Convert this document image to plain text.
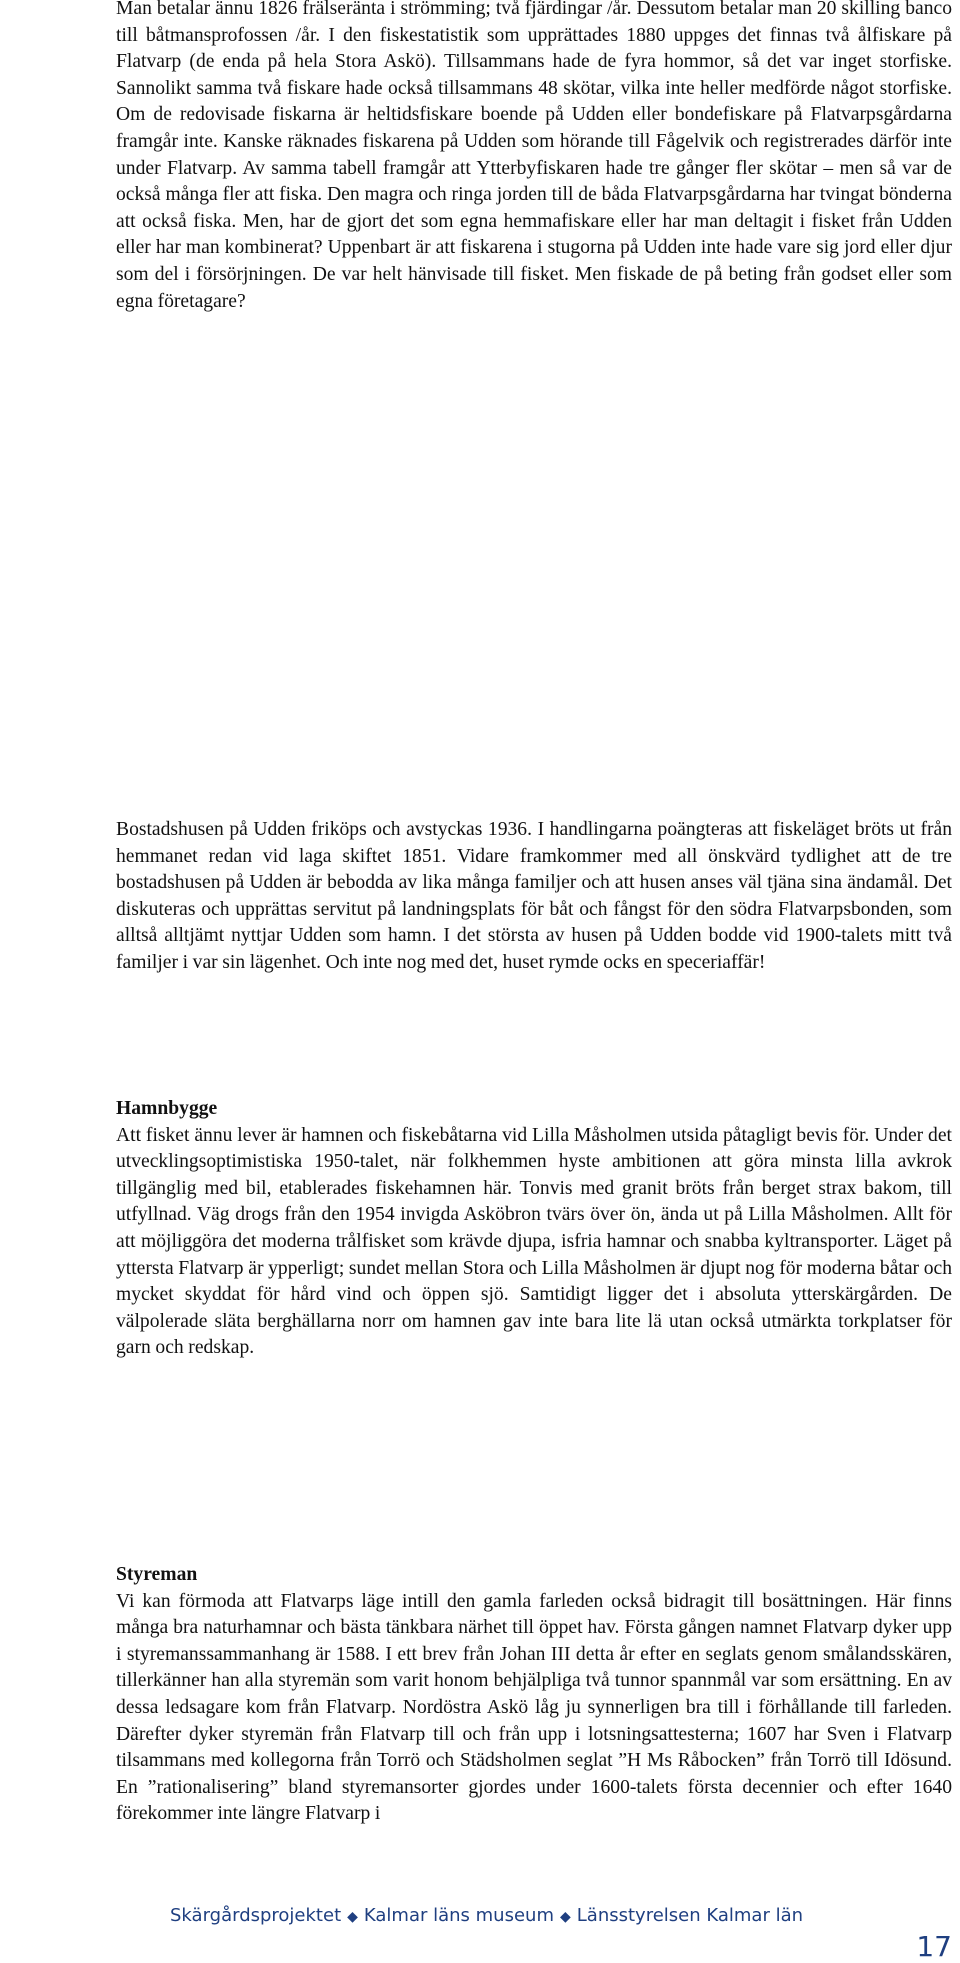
Man betalar ännu 1826 frälseränta i strömming; två fjärdingar /år. Dessutom betalar man 20 skilling banco till båtmansprofossen /år. I den fiskestatistik som upprättades 1880 uppges det finnas två ålfiskare på Flatvarp (de enda på hela Stora Askö). Tillsammans hade de fyra hommor, så det var inget storfiske. Sannolikt samma två fiskare hade också tillsammans 48 skötar, vilka inte heller medförde något storfiske. Om de redovisade fiskarna är heltidsfiskare boende på Udden eller bondefiskare på Flatvarpsgårdarna framgår inte. Kanske räknades fiskarena på Udden som hörande till Fågelvik och registrerades därför inte under Flatvarp. Av samma tabell framgår att Ytterbyfiskaren hade tre gånger fler skötar – men så var de också många fler att fiska. Den magra och ringa jorden till de båda Flatvarpsgårdarna har tvingat bönderna att också fiska. Men, har de gjort det som egna hemmafiskare eller har man deltagit i fisket från Udden eller har man kombinerat? Uppenbart är att fiskarena i stugorna på Udden inte hade vare sig jord eller djur som del i försörjningen. De var helt hänvisade till fisket. Men fiskade de på beting från godset eller som egna företagare?
Bostadshusen på Udden friköps och avstyckas 1936. I handlingarna poängteras att fiskeläget bröts ut från hemmanet redan vid laga skiftet 1851. Vidare framkommer med all önskvärd tydlighet att de tre bostadshusen på Udden är bebodda av lika många familjer och att husen anses väl tjäna sina ändamål. Det diskuteras och upprättas servitut på landningsplats för båt och fångst för den södra Flatvarpsbonden, som alltså alltjämt nyttjar Udden som hamn. I det största av husen på Udden bodde vid 1900-talets mitt två familjer i var sin lägenhet. Och inte nog med det, huset rymde ocks en speceriaffär!
Hamnbygge
Att fisket ännu lever är hamnen och fiskebåtarna vid Lilla Måsholmen utsida påtagligt bevis för. Under det utvecklingsoptimistiska 1950-talet, när folkhemmen hyste ambitionen att göra minsta lilla avkrok tillgänglig med bil, etablerades fiskehamnen här. Tonvis med granit bröts från berget strax bakom, till utfyllnad. Väg drogs från den 1954 invigda Asköbron tvärs över ön, ända ut på Lilla Måsholmen. Allt för att möjliggöra det moderna trålfisket som krävde djupa, isfria hamnar och snabba kyltransporter. Läget på yttersta Flatvarp är ypperligt; sundet mellan Stora och Lilla Måsholmen är djupt nog för moderna båtar och mycket skyddat för hård vind och öppen sjö. Samtidigt ligger det i absoluta ytterskärgården. De välpolerade släta berghällarna norr om hamnen gav inte bara lite lä utan också utmärkta torkplatser för garn och redskap.
Styreman
Vi kan förmoda att Flatvarps läge intill den gamla farleden också bidragit till bosättningen. Här finns många bra naturhamnar och bästa tänkbara närhet till öppet hav. Första gången namnet Flatvarp dyker upp i styremanssammanhang är 1588. I ett brev från Johan III detta år efter en seglats genom smålandsskären, tillerkänner han alla styremän som varit honom behjälpliga två tunnor spannmål var som ersättning. En av dessa ledsagare kom från Flatvarp. Nordöstra Askö låg ju synnerligen bra till i förhållande till farleden. Därefter dyker styremän från Flatvarp till och från upp i lotsningsattesterna; 1607 har Sven i Flatvarp tilsammans med kollegorna från Torrö och Städsholmen seglat ”H Ms Råbocken” från Torrö till Idösund. En ”rationalisering” bland styremansorter gjordes under 1600-talets första decennier och efter 1640 förekommer inte längre Flatvarp i
Skärgårdsprojektet ◆ Kalmar läns museum ◆ Länsstyrelsen Kalmar län
17
